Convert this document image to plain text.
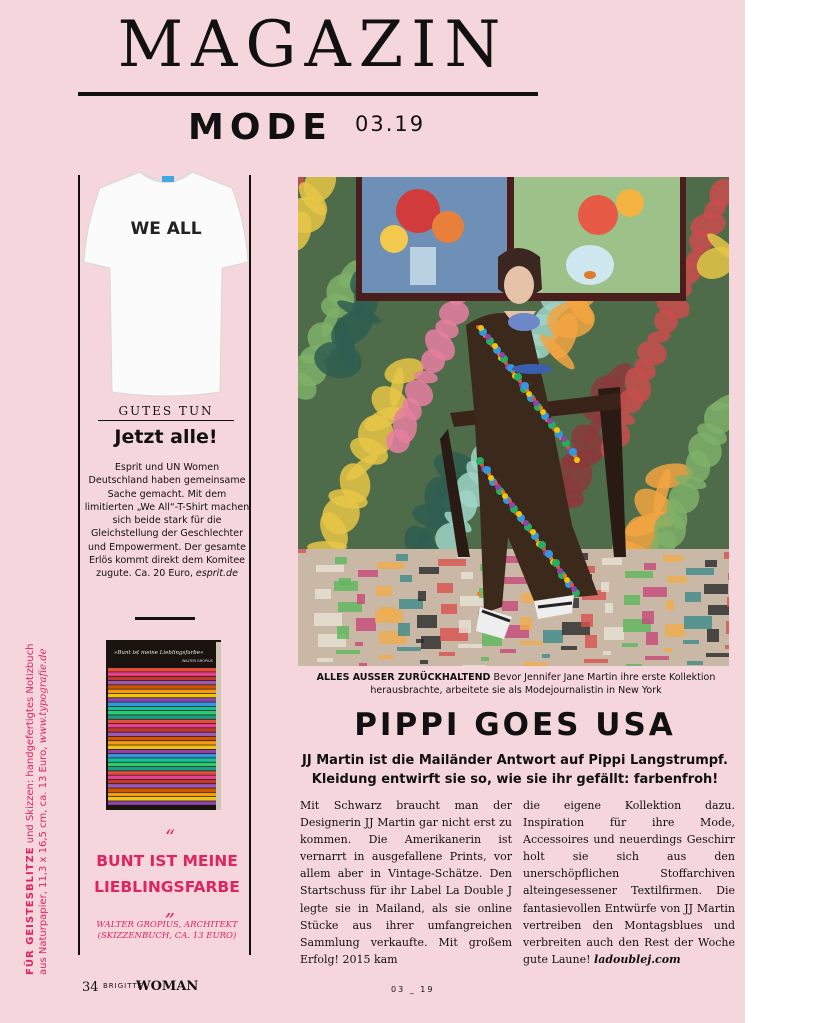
MAGAZIN
MODE 03.19
FÜR GEISTESBLITZE und Skizzen: handgefertigtes Notizbuch aus Naturpapier, 11,3 x 16,5 cm, ca. 13 Euro, www.typografie.de
WE ALL
GUTES TUN
Jetzt alle!
Esprit und UN Women Deutschland haben gemeinsame Sache gemacht. Mit dem limitierten „We All“-T-Shirt machen sich beide stark für die Gleichstellung der Geschlechter und Empowerment. Der gesamte Erlös kommt direkt dem Komitee zugute. Ca. 20 Euro, esprit.de
»Bunt ist meine Lieblingsfarbe«
WALTER GROPIUS
“
BUNT IST MEINE
LIEBLINGSFARBE
„
WALTER GROPIUS, ARCHITEKT
(SKIZZENBUCH, CA. 13 EURO)
ALLES AUSSER ZURÜCKHALTEND Bevor Jennifer Jane Martin ihre erste Kollektion herausbrachte, arbeitete sie als Modejournalistin in New York
PIPPI GOES USA
JJ Martin ist die Mailänder Antwort auf Pippi Langstrumpf. Kleidung entwirft sie so, wie sie ihr gefällt: farbenfroh!
Mit Schwarz braucht man der Designerin JJ Martin gar nicht erst zu kommen. Die Amerikanerin ist vernarrt in ausgefallene Prints, vor allem aber in Vintage-Schätze. Den Startschuss für ihr Label La Double J legte sie in Mailand, als sie online Stücke aus ihrer umfangreichen Sammlung verkaufte. Mit großem Erfolg! 2015 kam
die eigene Kollektion dazu. Inspiration für ihre Mode, Accessoires und neuerdings Geschirr holt sie sich aus den unerschöpflichen Stoffarchiven alteingesessener Textilfirmen. Die fantasievollen Entwürfe von JJ Martin vertreiben den Montagsblues und verbreiten auch den Rest der Woche gute Laune! ladoublej.com
34 BRIGITTE
WOMAN	03 _ 19
